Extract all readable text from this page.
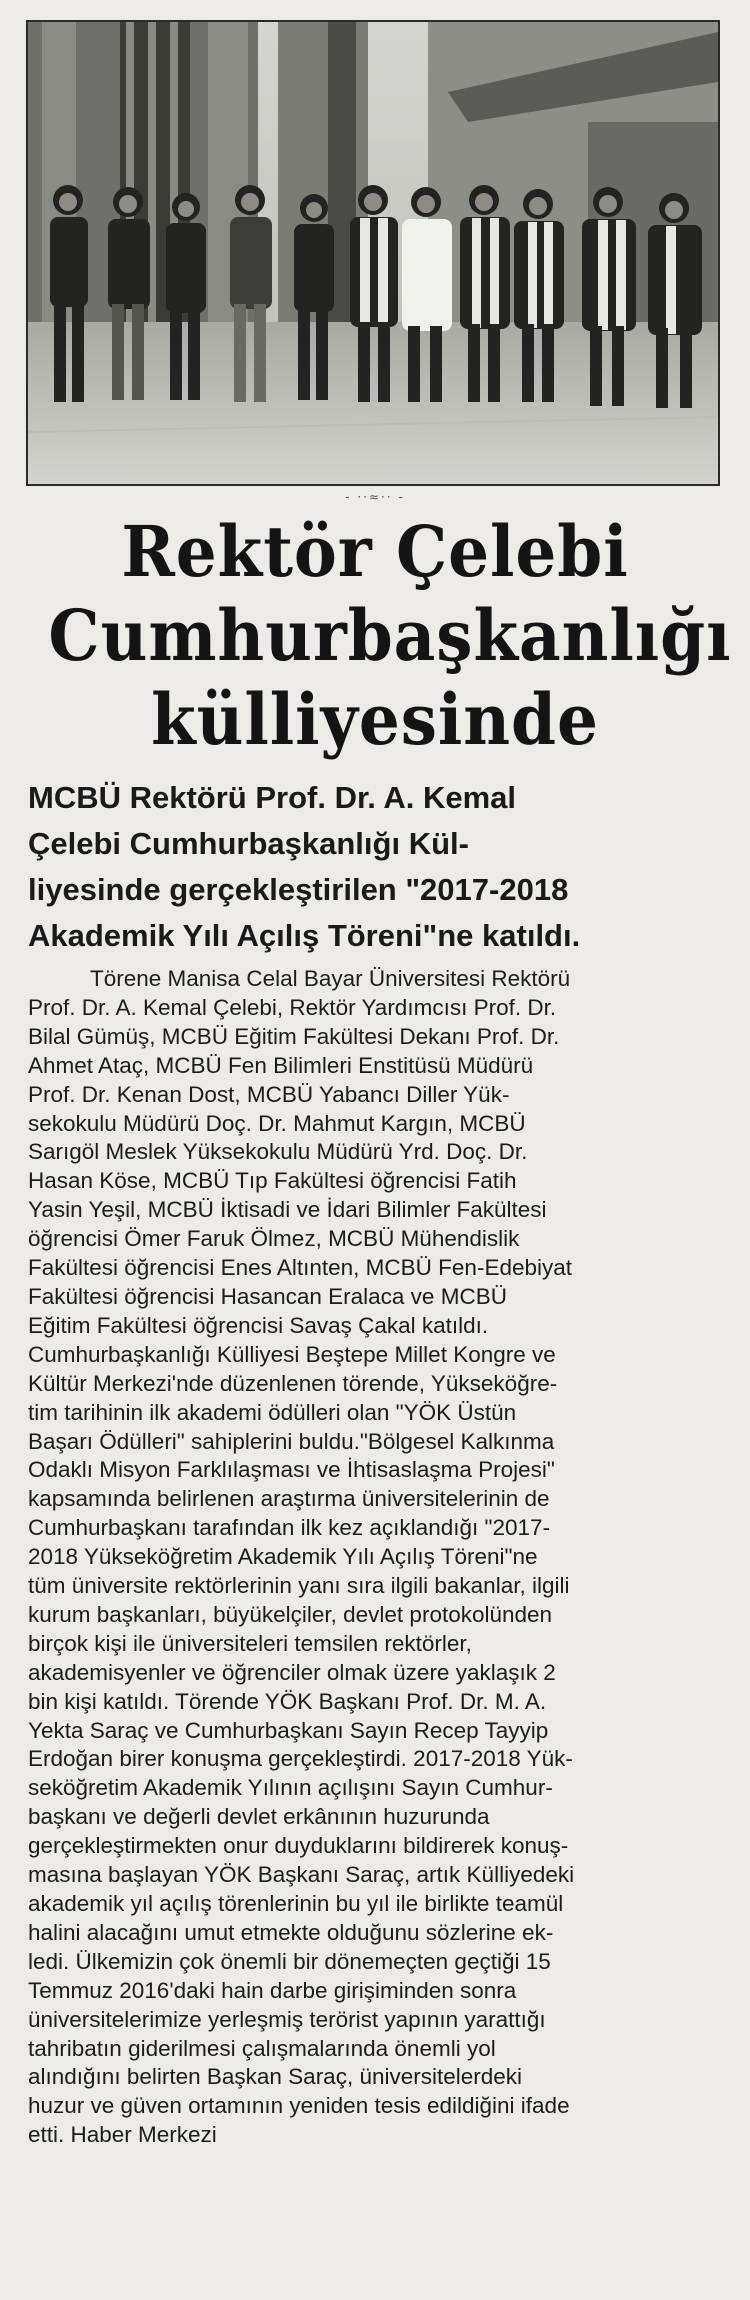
- ··≈·· -
Rektör Çelebi
Cumhurbaşkanlığı
külliyesinde

MCBÜ Rektörü Prof. Dr. A. Kemal
Çelebi Cumhurbaşkanlığı Kül-
liyesinde gerçekleştirilen "2017-2018
Akademik Yılı Açılış Töreni"ne katıldı.

Törene Manisa Celal Bayar Üniversitesi Rektörü
Prof. Dr. A. Kemal Çelebi, Rektör Yardımcısı Prof. Dr.
Bilal Gümüş, MCBÜ Eğitim Fakültesi Dekanı Prof. Dr.
Ahmet Ataç, MCBÜ Fen Bilimleri Enstitüsü Müdürü
Prof. Dr. Kenan Dost, MCBÜ Yabancı Diller Yük-
sekokulu Müdürü Doç. Dr. Mahmut Kargın, MCBÜ
Sarıgöl Meslek Yüksekokulu Müdürü Yrd. Doç. Dr.
Hasan Köse, MCBÜ Tıp Fakültesi öğrencisi Fatih
Yasin Yeşil, MCBÜ İktisadi ve İdari Bilimler Fakültesi
öğrencisi Ömer Faruk Ölmez, MCBÜ Mühendislik
Fakültesi öğrencisi Enes Altınten, MCBÜ Fen-Edebiyat
Fakültesi öğrencisi Hasancan Eralaca ve MCBÜ
Eğitim Fakültesi öğrencisi Savaş Çakal katıldı.
Cumhurbaşkanlığı Külliyesi Beştepe Millet Kongre ve
Kültür Merkezi'nde düzenlenen törende, Yükseköğre-
tim tarihinin ilk akademi ödülleri olan "YÖK Üstün
Başarı Ödülleri" sahiplerini buldu."Bölgesel Kalkınma
Odaklı Misyon Farklılaşması ve İhtisaslaşma Projesi"
kapsamında belirlenen araştırma üniversitelerinin de
Cumhurbaşkanı tarafından ilk kez açıklandığı "2017-
2018 Yükseköğretim Akademik Yılı Açılış Töreni"ne
tüm üniversite rektörlerinin yanı sıra ilgili bakanlar, ilgili
kurum başkanları, büyükelçiler, devlet protokolünden
birçok kişi ile üniversiteleri temsilen rektörler,
akademisyenler ve öğrenciler olmak üzere yaklaşık 2
bin kişi katıldı. Törende YÖK Başkanı Prof. Dr. M. A.
Yekta Saraç ve Cumhurbaşkanı Sayın Recep Tayyip
Erdoğan birer konuşma gerçekleştirdi. 2017-2018 Yük-
seköğretim Akademik Yılının açılışını Sayın Cumhur-
başkanı ve değerli devlet erkânının huzurunda
gerçekleştirmekten onur duyduklarını bildirerek konuş-
masına başlayan YÖK Başkanı Saraç, artık Külliyedeki
akademik yıl açılış törenlerinin bu yıl ile birlikte teamül
halini alacağını umut etmekte olduğunu sözlerine ek-
ledi. Ülkemizin çok önemli bir dönemeçten geçtiği 15
Temmuz 2016'daki hain darbe girişiminden sonra
üniversitelerimize yerleşmiş terörist yapının yarattığı
tahribatın giderilmesi çalışmalarında önemli yol
alındığını belirten Başkan Saraç, üniversitelerdeki
huzur ve güven ortamının yeniden tesis edildiğini ifade
etti. Haber Merkezi
